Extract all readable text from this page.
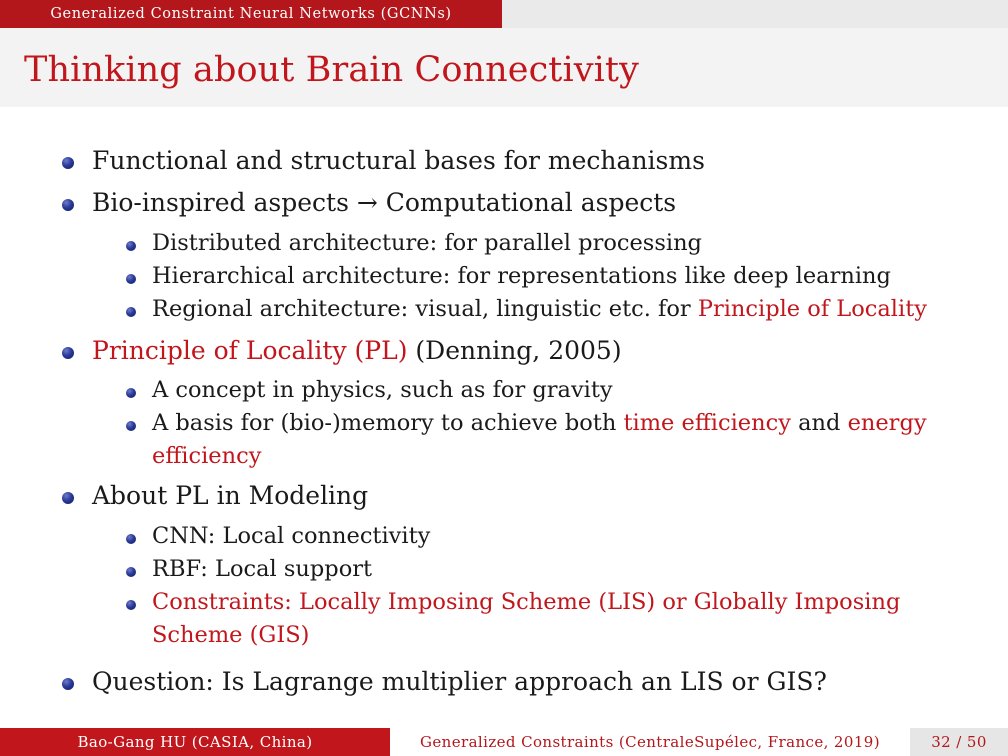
Generalized Constraint Neural Networks (GCNNs)
Thinking about Brain Connectivity
Functional and structural bases for mechanisms
Bio-inspired aspects → Computational aspects
Distributed architecture: for parallel processing
Hierarchical architecture: for representations like deep learning
Regional architecture: visual, linguistic etc. for Principle of Locality
Principle of Locality (PL) (Denning, 2005)
A concept in physics, such as for gravity
A basis for (bio-)memory to achieve both time efficiency and energy
efficiency
About PL in Modeling
CNN: Local connectivity
RBF: Local support
Constraints: Locally Imposing Scheme (LIS) or Globally Imposing
Scheme (GIS)
Question: Is Lagrange multiplier approach an LIS or GIS?
Bao-Gang HU (CASIA, China)	Generalized Constraints (CentraleSupélec, France, 2019)	32 / 50
